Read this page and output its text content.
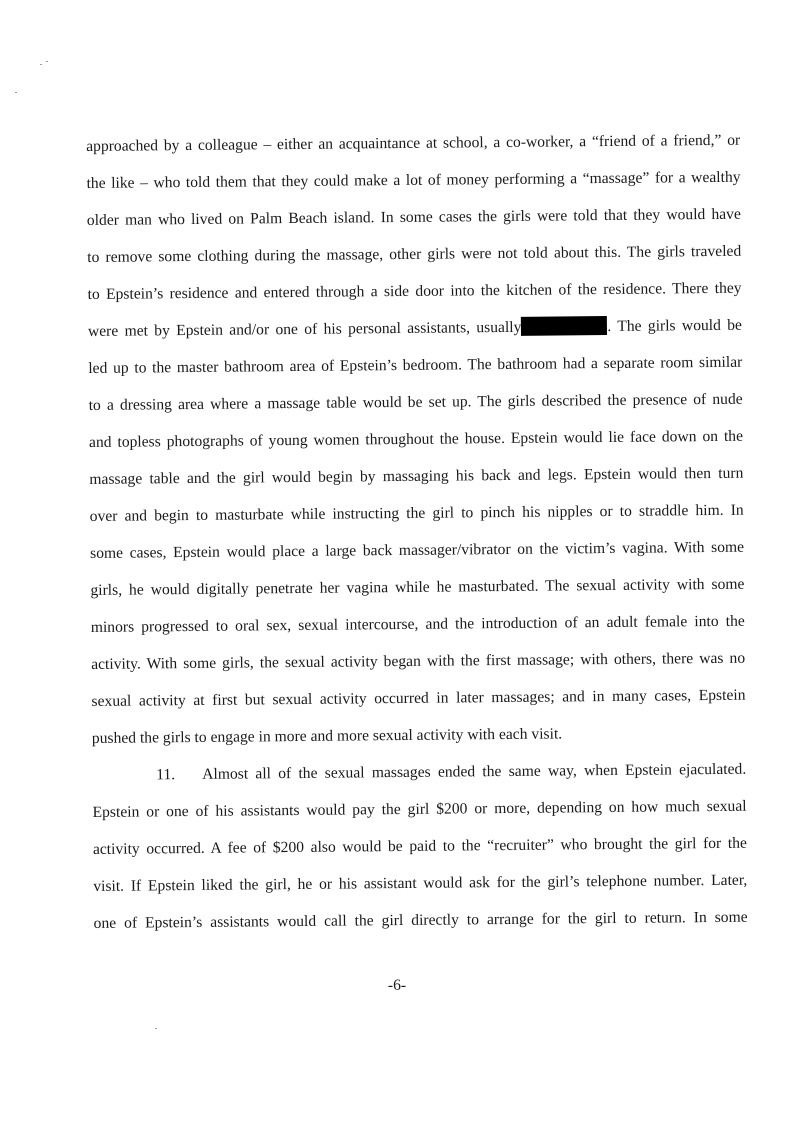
approached by a colleague – either an acquaintance at school, a co-worker, a “friend of a friend,” or
the like – who told them that they could make a lot of money performing a “massage” for a wealthy
older man who lived on Palm Beach island. In some cases the girls were told that they would have
to remove some clothing during the massage, other girls were not told about this. The girls traveled
to Epstein’s residence and entered through a side door into the kitchen of the residence. There they
were met by Epstein and/or one of his personal assistants, usually	. The girls would be
led up to the master bathroom area of Epstein’s bedroom. The bathroom had a separate room similar
to a dressing area where a massage table would be set up. The girls described the presence of nude
and topless photographs of young women throughout the house. Epstein would lie face down on the
massage table and the girl would begin by massaging his back and legs. Epstein would then turn
over and begin to masturbate while instructing the girl to pinch his nipples or to straddle him. In
some cases, Epstein would place a large back massager/vibrator on the victim’s vagina. With some
girls, he would digitally penetrate her vagina while he masturbated. The sexual activity with some
minors progressed to oral sex, sexual intercourse, and the introduction of an adult female into the
activity. With some girls, the sexual activity began with the first massage; with others, there was no
sexual activity at first but sexual activity occurred in later massages; and in many cases, Epstein
pushed the girls to engage in more and more sexual activity with each visit.
11. Almost all of the sexual massages ended the same way, when Epstein ejaculated.
Epstein or one of his assistants would pay the girl $200 or more, depending on how much sexual
activity occurred. A fee of $200 also would be paid to the “recruiter” who brought the girl for the
visit. If Epstein liked the girl, he or his assistant would ask for the girl’s telephone number. Later,
one of Epstein’s assistants would call the girl directly to arrange for the girl to return. In some
-6-
